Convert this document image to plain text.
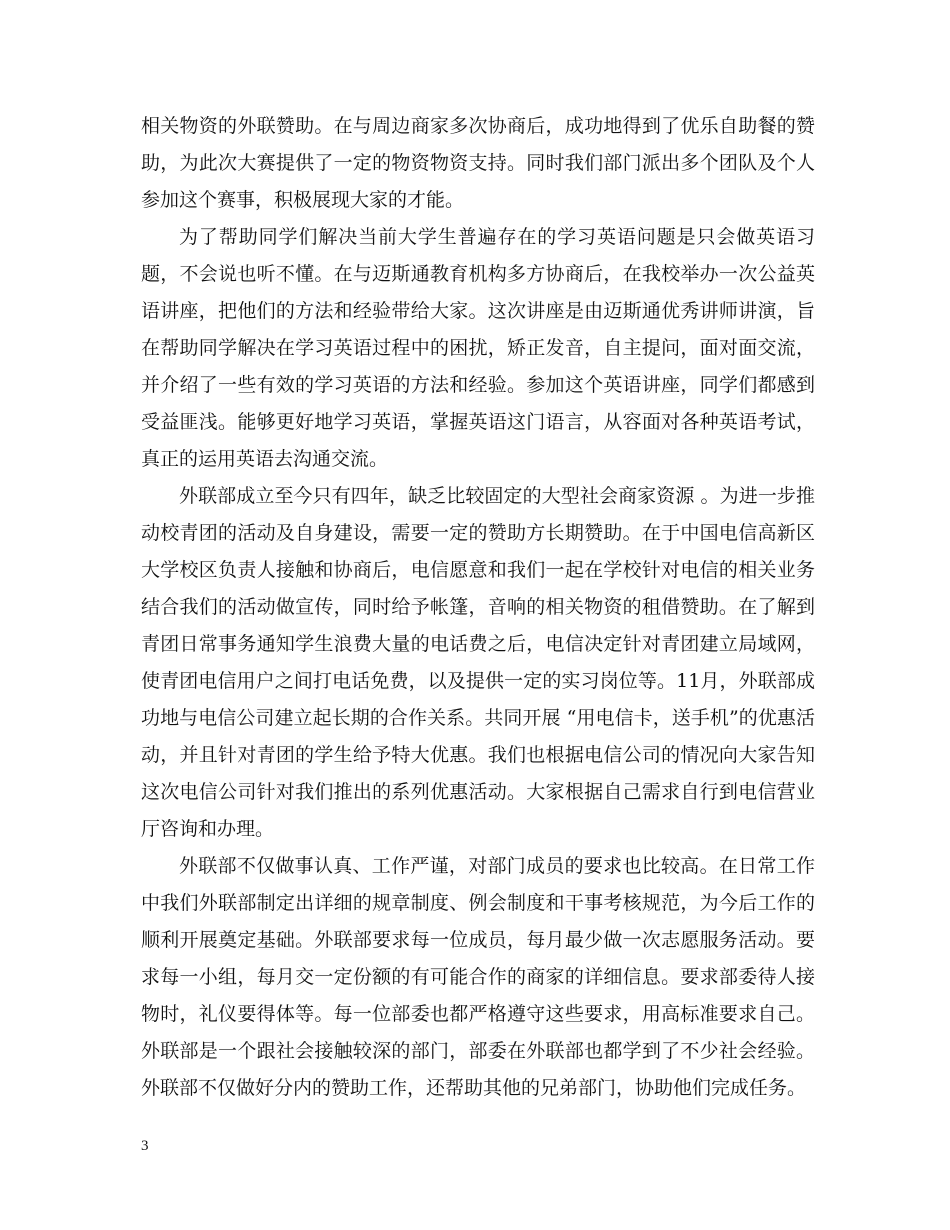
相关物资的外联赞助。在与周边商家多次协商后，成功地得到了优乐自助餐的赞助，为此次大赛提供了一定的物资物资支持。同时我们部门派出多个团队及个人参加这个赛事，积极展现大家的才能。

为了帮助同学们解决当前大学生普遍存在的学习英语问题是只会做英语习题，不会说也听不懂。在与迈斯通教育机构多方协商后，在我校举办一次公益英语讲座，把他们的方法和经验带给大家。这次讲座是由迈斯通优秀讲师讲演，旨在帮助同学解决在学习英语过程中的困扰，矫正发音，自主提问，面对面交流，并介绍了一些有效的学习英语的方法和经验。参加这个英语讲座，同学们都感到受益匪浅。能够更好地学习英语，掌握英语这门语言，从容面对各种英语考试，真正的运用英语去沟通交流。

外联部成立至今只有四年，缺乏比较固定的大型社会商家资源 。为进一步推动校青团的活动及自身建设，需要一定的赞助方长期赞助。在于中国电信高新区大学校区负责人接触和协商后，电信愿意和我们一起在学校针对电信的相关业务结合我们的活动做宣传，同时给予帐篷，音响的相关物资的租借赞助。在了解到青团日常事务通知学生浪费大量的电话费之后，电信决定针对青团建立局域网，使青团电信用户之间打电话免费，以及提供一定的实习岗位等。11月，外联部成功地与电信公司建立起长期的合作关系。共同开展 “用电信卡，送手机”的优惠活动，并且针对青团的学生给予特大优惠。我们也根据电信公司的情况向大家告知这次电信公司针对我们推出的系列优惠活动。大家根据自己需求自行到电信营业厅咨询和办理。

外联部不仅做事认真、工作严谨，对部门成员的要求也比较高。在日常工作中我们外联部制定出详细的规章制度、例会制度和干事考核规范，为今后工作的顺利开展奠定基础。外联部要求每一位成员，每月最少做一次志愿服务活动。要求每一小组，每月交一定份额的有可能合作的商家的详细信息。要求部委待人接物时，礼仪要得体等。每一位部委也都严格遵守这些要求，用高标准要求自己。外联部是一个跟社会接触较深的部门，部委在外联部也都学到了不少社会经验。外联部不仅做好分内的赞助工作，还帮助其他的兄弟部门，协助他们完成任务。

3
